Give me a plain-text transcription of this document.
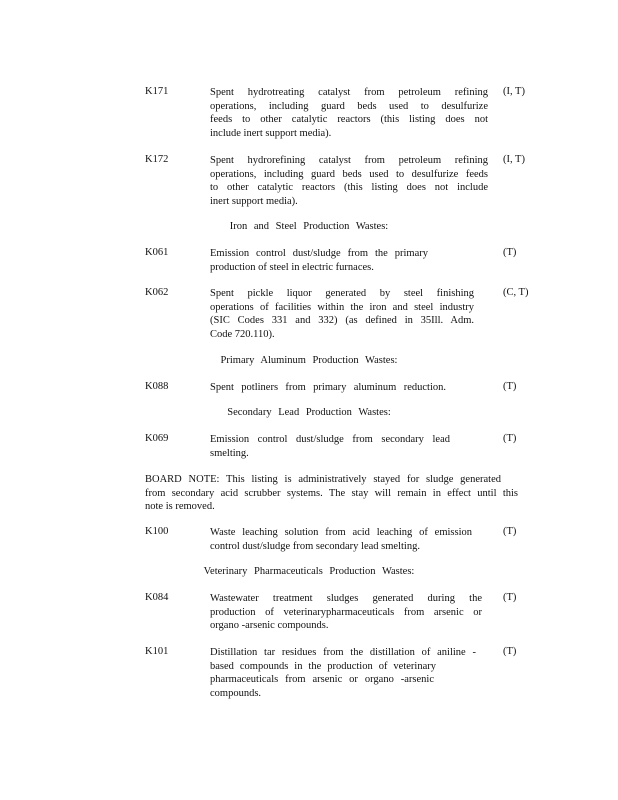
K171	Spent hydrotreating catalyst from petroleum refining
operations, including guard beds used to desulfurize
feeds to other catalytic reactors (this listing does not
include inert support media).
(I, T)
K172	Spent hydrorefining catalyst from petroleum refining
operations, including guard beds used to desulfurize feeds
to other catalytic reactors (this listing does not include
inert support media).
(I, T)
Iron and Steel Production Wastes:
K061	Emission control dust/sludge from the primary
production of steel in electric furnaces.
(T)
K062	Spent pickle liquor generated by steel finishing
operations of facilities within the iron and steel industry
(SIC Codes 331 and 332) (as defined in 35Ill. Adm.
Code 720.110).
(C, T)
Primary Aluminum Production Wastes:
K088	Spent potliners from primary aluminum reduction.	(T)
Secondary Lead Production Wastes:
K069	Emission control dust/sludge from secondary lead
smelting.
(T)
BOARD NOTE: This listing is administratively stayed for sludge generated
from secondary acid scrubber systems. The stay will remain in effect until this
note is removed.
K100	Waste leaching solution from acid leaching of emission
control dust/sludge from secondary lead smelting.
(T)
Veterinary Pharmaceuticals Production Wastes:
K084	Wastewater treatment sludges generated during the
production of veterinarypharmaceuticals from arsenic or
organo -arsenic compounds.
(T)
K101	Distillation tar residues from the distillation of aniline -
based compounds in the production of veterinary
pharmaceuticals from arsenic or organo -arsenic
compounds.
(T)
